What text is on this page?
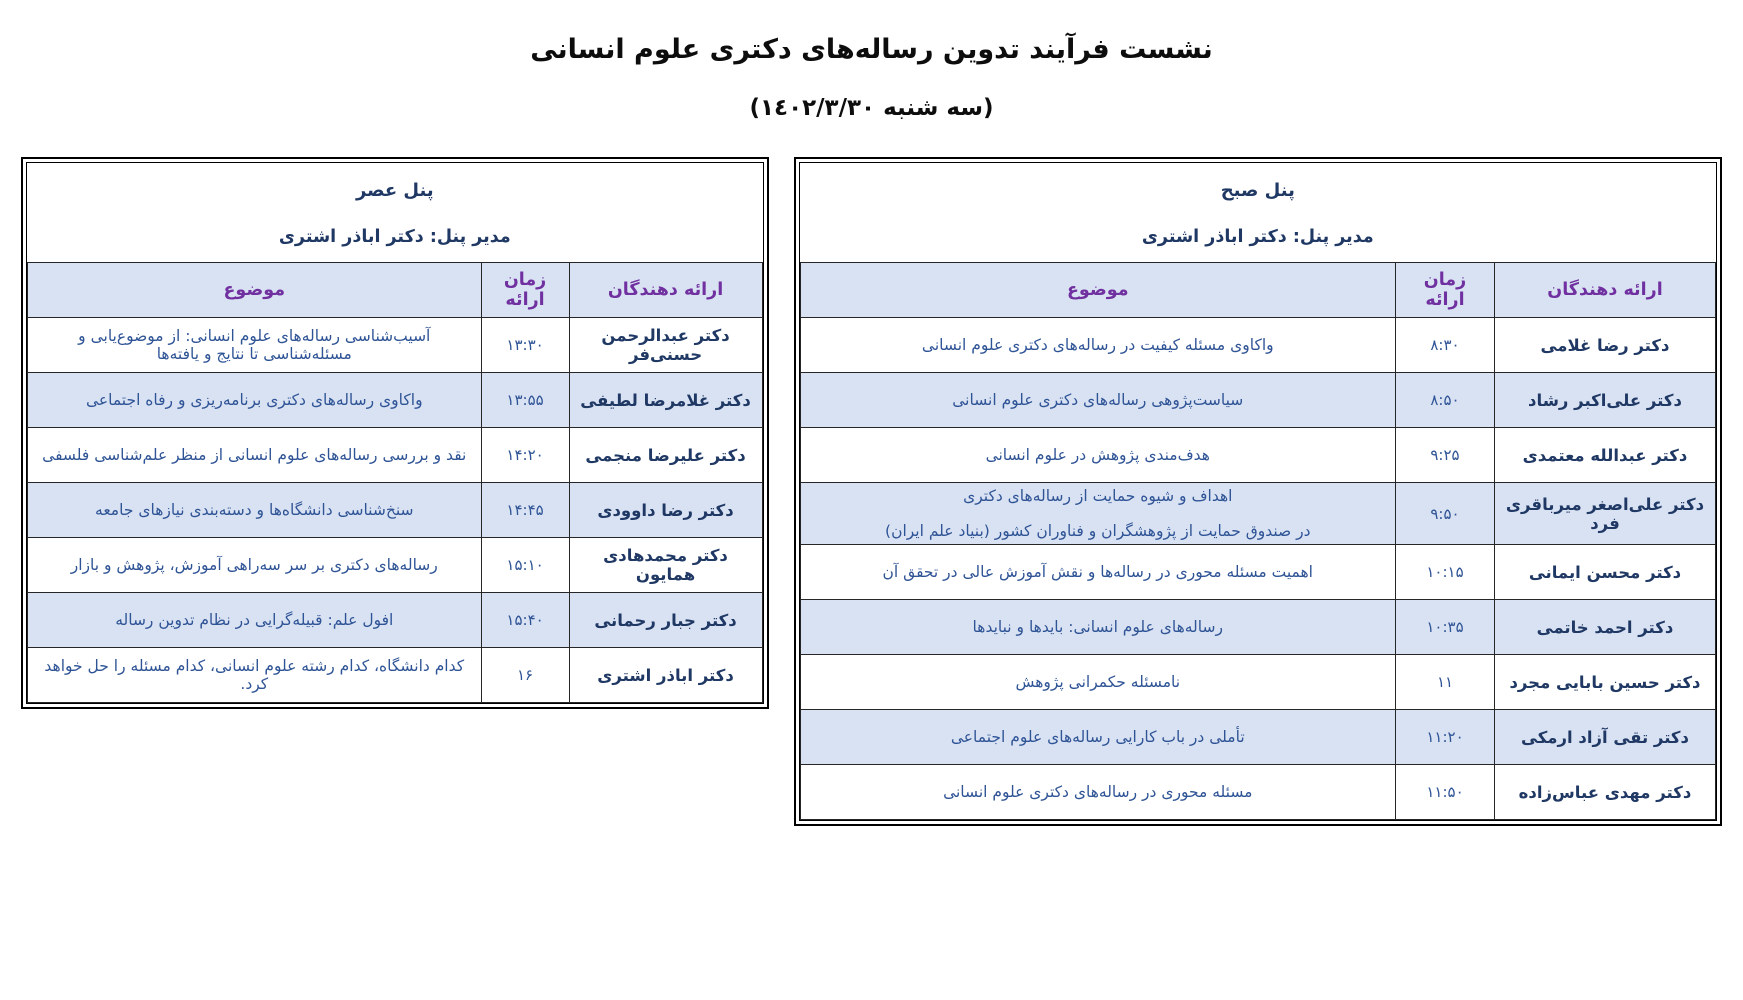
نشست فرآیند تدوین رساله‌های دکتری علوم انسانی
(سه شنبه ١٤٠٢/٣/٣٠)
پنل صبح
مدیر پنل: دکتر اباذر اشتری
ارائه دهندگان	زمان ارائه	موضوع
دکتر رضا غلامی	۸:۳۰	واکاوی مسئله کیفیت در رساله‌های دکتری علوم انسانی

دکتر علی‌اکبر رشاد	۸:۵۰	سیاست‌پژوهی رساله‌های دکتری علوم انسانی

دکتر عبدالله معتمدی	۹:۲۵	هدف‌مندی پژوهش در علوم انسانی

دکتر علی‌اصغر میرباقری فرد	۹:۵۰	اهداف و شیوه حمایت از رساله‌های دکتری
در صندوق حمایت از پژوهشگران و فناوران کشور (بنیاد علم ایران)

دکتر محسن ایمانی	۱۰:۱۵	اهمیت مسئله محوری در رساله‌ها و نقش آموزش عالی در تحقق آن

دکتر احمد خاتمی	۱۰:۳۵	رساله‌های علوم انسانی: بایدها و نبایدها

دکتر حسین بابایی مجرد	۱۱	نامسئله حکمرانی پژوهش

دکتر تقی آزاد ارمکی	۱۱:۲۰	تأملی در باب کارایی رساله‌های علوم اجتماعی

دکتر مهدی عباس‌زاده	۱۱:۵۰	مسئله محوری در رساله‌های دکتری علوم انسانی
پنل عصر
مدیر پنل: دکتر اباذر اشتری
ارائه دهندگان	زمان ارائه	موضوع
دکتر عبدالرحمن حسنی‌فر	۱۳:۳۰	آسیب‌شناسی رساله‌های علوم انسانی: از موضوع‌یابی و مسئله‌شناسی تا نتایج و یافته‌ها

دکتر غلامرضا لطیفی	۱۳:۵۵	واکاوی رساله‌های دکتری برنامه‌ریزی و رفاه اجتماعی

دکتر علیرضا منجمی	۱۴:۲۰	نقد و بررسی رساله‌های علوم انسانی از منظر علم‌شناسی فلسفی

دکتر رضا داوودی	۱۴:۴۵	سنخ‌شناسی دانشگاه‌ها و دسته‌بندی نیازهای جامعه

دکتر محمدهادی همایون	۱۵:۱۰	رساله‌های دکتری بر سر سه‌راهی آموزش، پژوهش و بازار

دکتر جبار رحمانی	۱۵:۴۰	افول علم: قبیله‌گرایی در نظام تدوین رساله

دکتر اباذر اشتری	۱۶	کدام دانشگاه، کدام رشته علوم انسانی، کدام مسئله را حل خواهد کرد.
